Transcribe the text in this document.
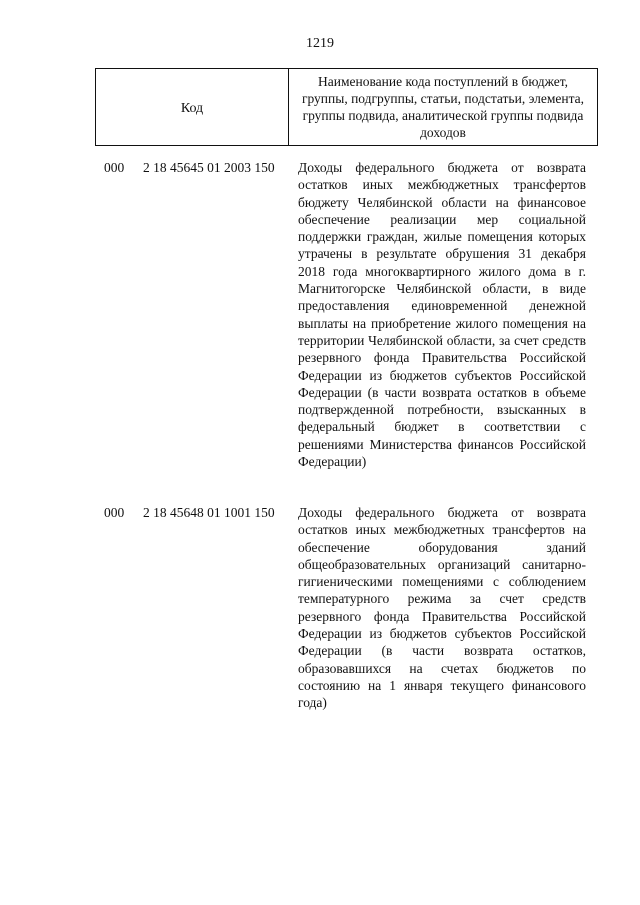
1219
Код
Наименование кода поступлений в бюджет, группы, подгруппы, статьи, подстатьи, элемента, группы подвида, аналитической группы подвида доходов
000 2 18 45645 01 2003 150 Доходы федерального бюджета от возврата остатков иных межбюджетных трансфертов бюджету Челябинской области на финансовое обеспечение реализации мер социальной поддержки граждан, жилые помещения которых утрачены в результате обрушения 31 декабря 2018 года многоквартирного жилого дома в г. Магнитогорске Челябинской области, в виде предоставления единовременной денежной выплаты на приобретение жилого помещения на территории Челябинской области, за счет средств резервного фонда Правительства Российской Федерации из бюджетов субъектов Российской Федерации (в части возврата остатков в объеме подтвержденной потребности, взысканных в федеральный бюджет в соответствии с решениями Министерства финансов Российской Федерации)
000 2 18 45648 01 1001 150 Доходы федерального бюджета от возврата остатков иных межбюджетных трансфертов на обеспечение оборудования зданий общеобразовательных организаций санитарно-гигиеническими помещениями с соблюдением температурного режима за счет средств резервного фонда Правительства Российской Федерации из бюджетов субъектов Российской Федерации (в части возврата остатков, образовавшихся на счетах бюджетов по состоянию на 1 января текущего финансового года)
